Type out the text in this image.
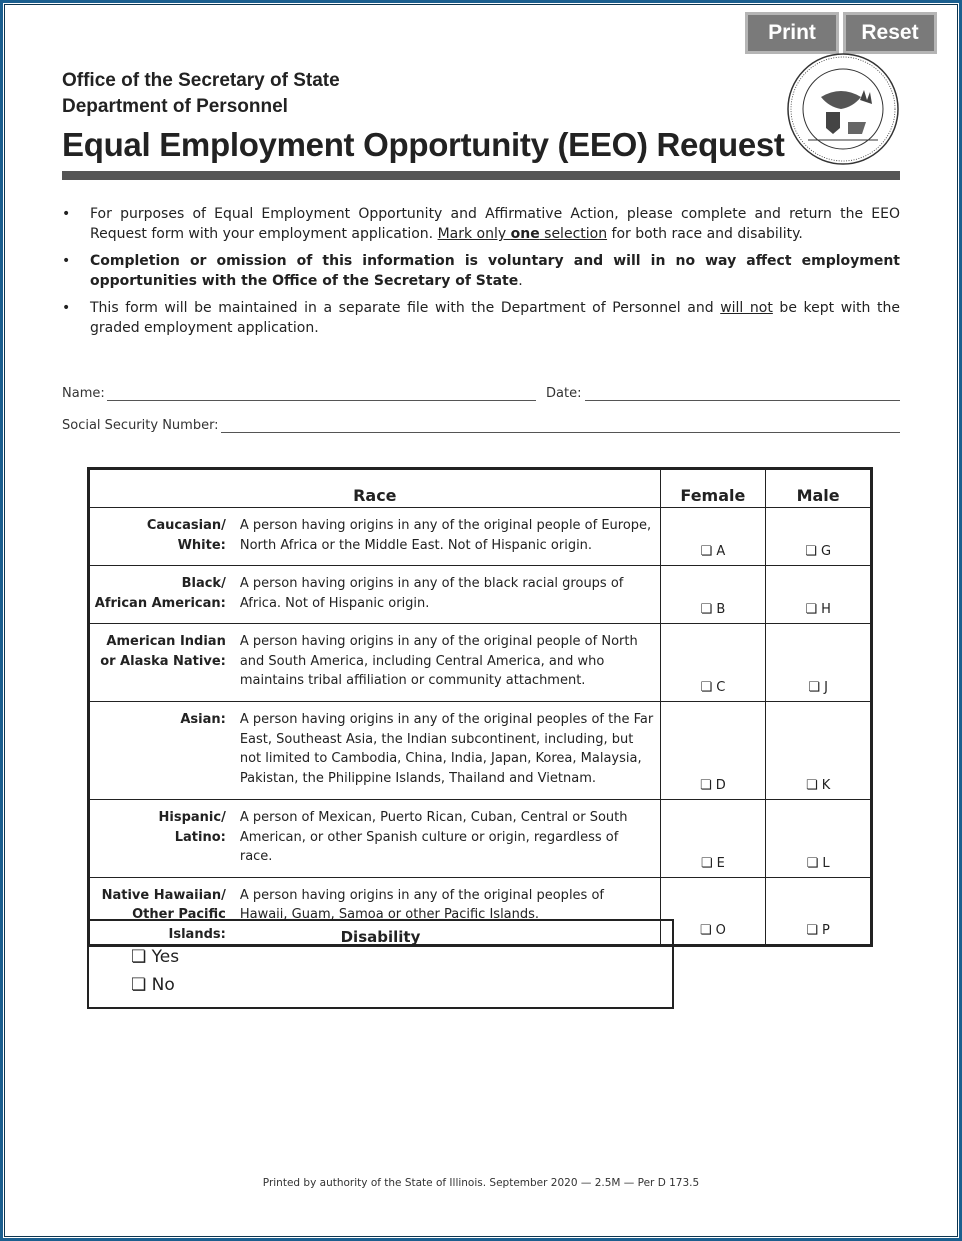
Print	Reset
Office of the Secretary of State
Department of Personnel
Equal Employment Opportunity (EEO) Request
•	For purposes of Equal Employment Opportunity and Affirmative Action, please complete and return the EEO Request form with your employment application. Mark only one selection for both race and disability.
•	Completion or omission of this information is voluntary and will in no way affect employment opportunities with the Office of the Secretary of State.
•	This form will be maintained in a separate file with the Department of Personnel and will not be kept with the graded employment application.
Name:	Date:
Social Security Number:
Race		Female	Male
Caucasian/
White:	A person having origins in any of the original people of Europe, North Africa or the Middle East. Not of Hispanic origin.	❏ A	❏ G
Black/
African American:	A person having origins in any of the black racial groups of Africa. Not of Hispanic origin.	❏ B	❏ H
American Indian
or Alaska Native:	A person having origins in any of the original people of North and South America, including Central America, and who maintains tribal affiliation or community attachment.	❏ C	❏ J
Asian:	A person having origins in any of the original peoples of the Far East, Southeast Asia, the Indian subcontinent, including, but not limited to Cambodia, China, India, Japan, Korea, Malaysia, Pakistan, the Philippine Islands, Thailand and Vietnam.	❏ D	❏ K
Hispanic/
Latino:	A person of Mexican, Puerto Rican, Cuban, Central or South American, or other Spanish culture or origin, regardless of race.	❏ E	❏ L
Native Hawaiian/
Other Pacific Islands:	A person having origins in any of the original peoples of Hawaii, Guam, Samoa or other Pacific Islands.	❏ O	❏ P
Disability
❏ Yes
❏ No
Printed by authority of the State of Illinois. September 2020 — 2.5M — Per D 173.5
